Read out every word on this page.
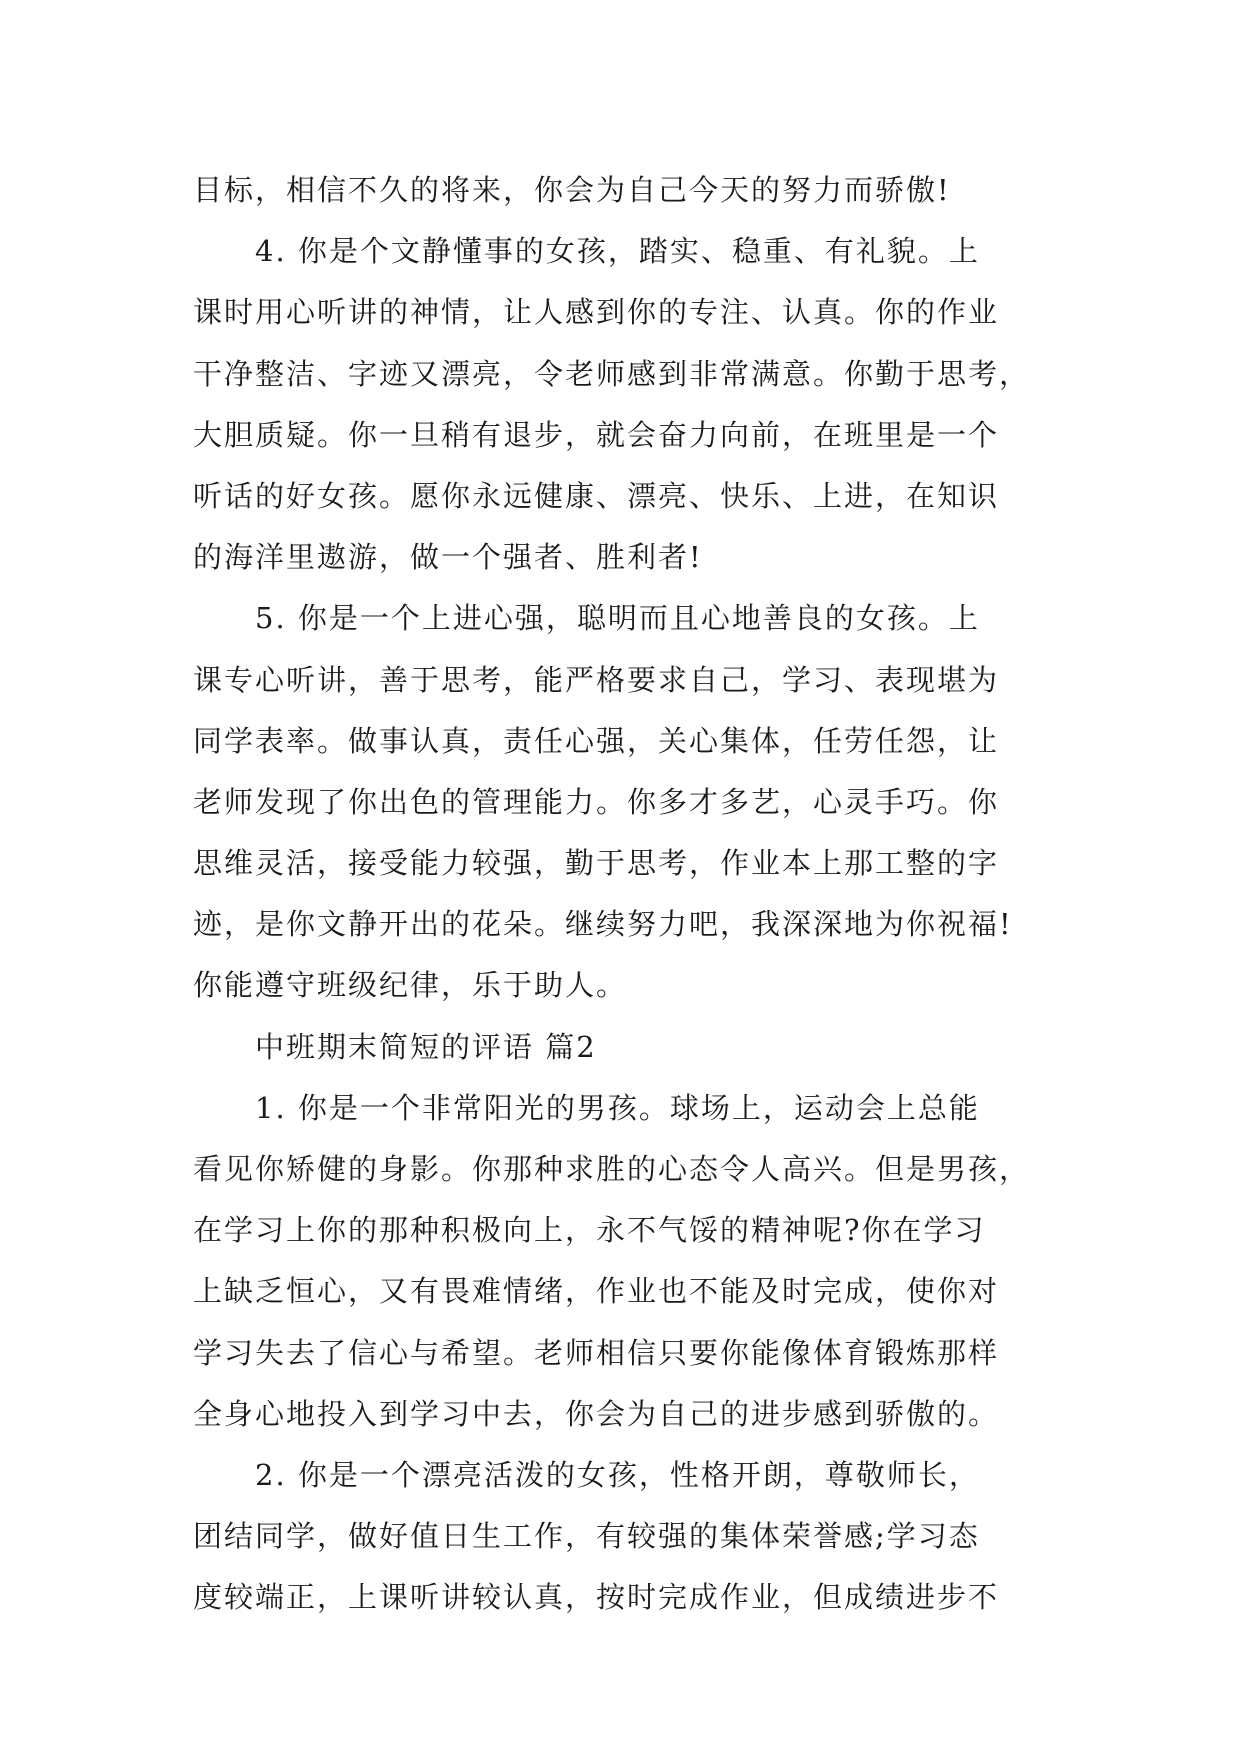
目标，相信不久的将来，你会为自己今天的努力而骄傲!
4. 你是个文静懂事的女孩，踏实、稳重、有礼貌。上
课时用心听讲的神情，让人感到你的专注、认真。你的作业
干净整洁、字迹又漂亮，令老师感到非常满意。你勤于思考，
大胆质疑。你一旦稍有退步，就会奋力向前，在班里是一个
听话的好女孩。愿你永远健康、漂亮、快乐、上进，在知识
的海洋里遨游，做一个强者、胜利者!
5. 你是一个上进心强，聪明而且心地善良的女孩。上
课专心听讲，善于思考，能严格要求自己，学习、表现堪为
同学表率。做事认真，责任心强，关心集体，任劳任怨，让
老师发现了你出色的管理能力。你多才多艺，心灵手巧。你
思维灵活，接受能力较强，勤于思考，作业本上那工整的字
迹，是你文静开出的花朵。继续努力吧，我深深地为你祝福!
你能遵守班级纪律，乐于助人。
中班期末简短的评语 篇2
1. 你是一个非常阳光的男孩。球场上，运动会上总能
看见你矫健的身影。你那种求胜的心态令人高兴。但是男孩，
在学习上你的那种积极向上，永不气馁的精神呢?你在学习
上缺乏恒心，又有畏难情绪，作业也不能及时完成，使你对
学习失去了信心与希望。老师相信只要你能像体育锻炼那样
全身心地投入到学习中去，你会为自己的进步感到骄傲的。
2. 你是一个漂亮活泼的女孩，性格开朗，尊敬师长，
团结同学，做好值日生工作，有较强的集体荣誉感;学习态
度较端正，上课听讲较认真，按时完成作业，但成绩进步不
